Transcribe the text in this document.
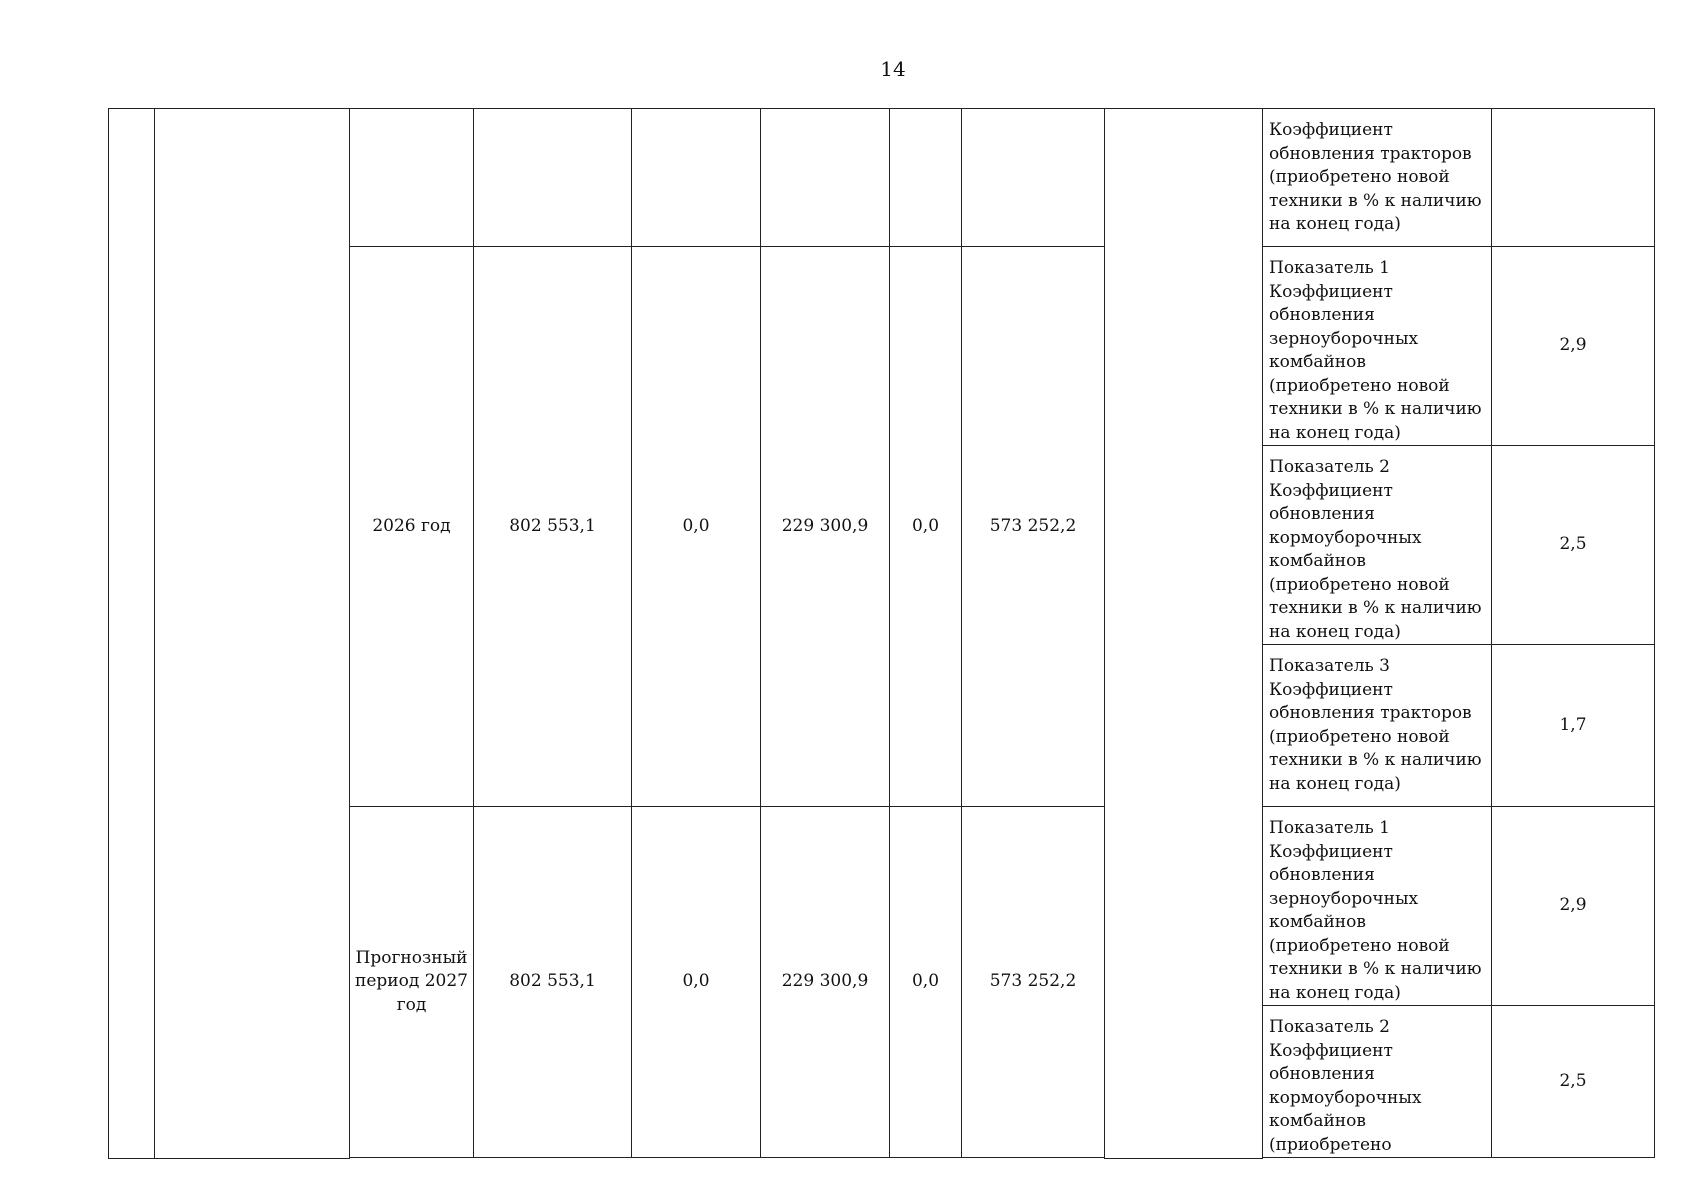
14
									Коэффициент обновления тракторов (приобретено новой техники в % к наличию на конец года)	
		2026 год	802 553,1	0,0	229 300,9	0,0	573 252,2		Показатель 1 Коэффициент обновления зерноуборочных комбайнов (приобретено новой техники в % к наличию на конец года)	2,9
									Показатель 2 Коэффициент обновления кормоуборочных комбайнов (приобретено новой техники в % к наличию на конец года)	2,5
									Показатель 3 Коэффициент обновления тракторов (приобретено новой техники в % к наличию на конец года)	1,7
		Прогнозный период 2027 год	802 553,1	0,0	229 300,9	0,0	573 252,2		Показатель 1 Коэффициент обновления зерноуборочных комбайнов (приобретено новой техники в % к наличию на конец года)	2,9
									Показатель 2 Коэффициент обновления кормоуборочных комбайнов (приобретено	2,5
